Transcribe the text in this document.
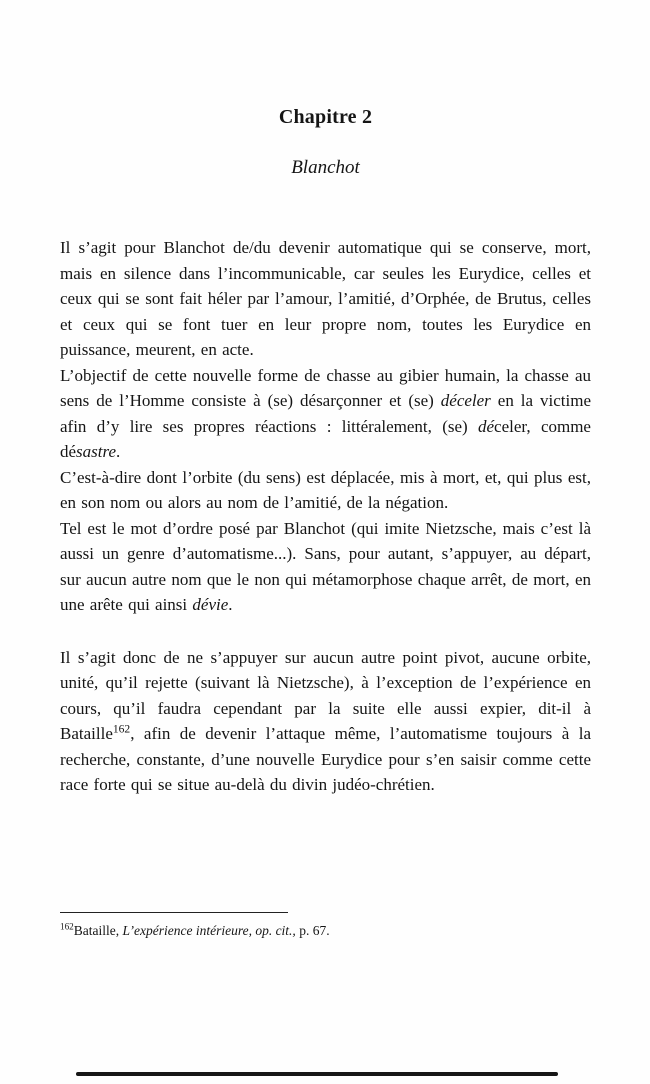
Chapitre 2
Blanchot

Il s’agit pour Blanchot de/du devenir automatique qui se conserve, mort, mais en silence dans l’incommunicable, car seules les Eurydice, celles et ceux qui se sont fait héler par l’amour, l’amitié, d’Orphée, de Brutus, celles et ceux qui se font tuer en leur propre nom, toutes les Eurydice en puissance, meurent, en acte.

L’objectif de cette nouvelle forme de chasse au gibier humain, la chasse au sens de l’Homme consiste à (se) désarçonner et (se) déceler en la victime afin d’y lire ses propres réactions : littéralement, (se) déceler, comme désastre.

C’est-à-dire dont l’orbite (du sens) est déplacée, mis à mort, et, qui plus est, en son nom ou alors au nom de l’amitié, de la négation.

Tel est le mot d’ordre posé par Blanchot (qui imite Nietzsche, mais c’est là aussi un genre d’automatisme...). Sans, pour autant, s’appuyer, au départ, sur aucun autre nom que le non qui métamorphose chaque arrêt, de mort, en une arête qui ainsi dévie.

Il s’agit donc de ne s’appuyer sur aucun autre point pivot, aucune orbite, unité, qu’il rejette (suivant là Nietzsche), à l’exception de l’expérience en cours, qu’il faudra cependant par la suite elle aussi expier, dit-il à Bataille$^{162}$, afin de devenir l’attaque même, l’automatisme toujours à la recherche, constante, d’une nouvelle Eurydice pour s’en saisir comme cette race forte qui se situe au-delà du divin judéo-chrétien.

$^{162}$Bataille, L’expérience intérieure, op. cit., p. 67.
